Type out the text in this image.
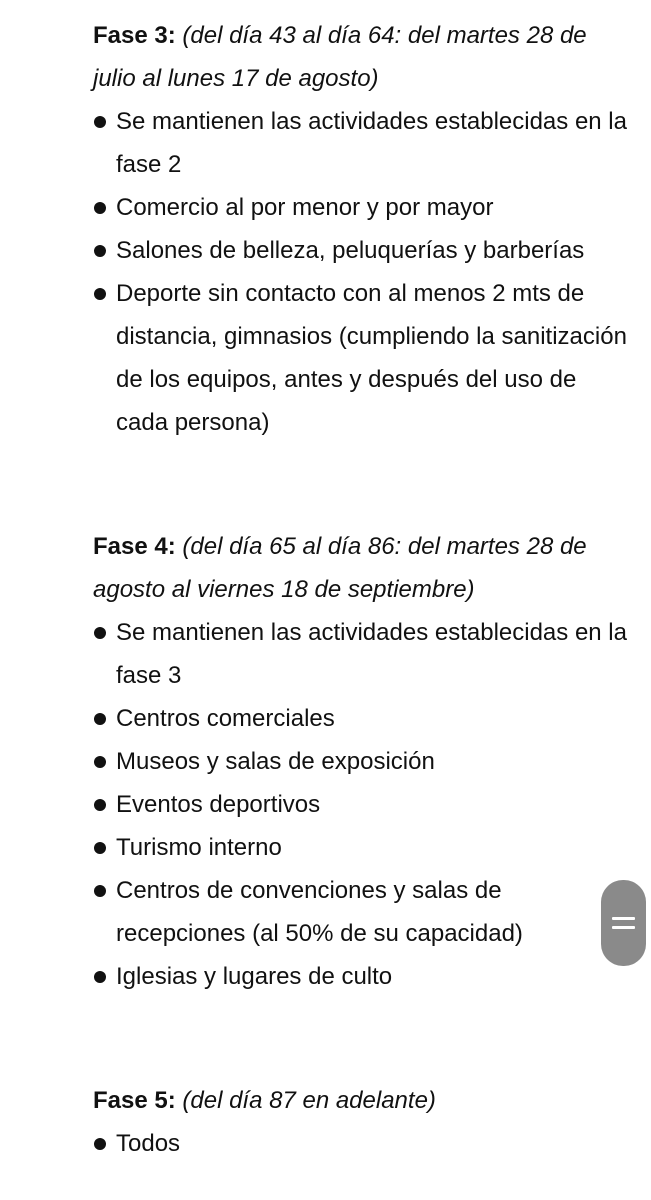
Fase 3: (del día 43 al día 64: del martes 28 de julio al lunes 17 de agosto)

Se mantienen las actividades establecidas en la fase 2
Comercio al por menor y por mayor
Salones de belleza, peluquerías y barberías
Deporte sin contacto con al menos 2 mts de distancia, gimnasios (cumpliendo la sanitización de los equipos, antes y después del uso de cada persona)

Fase 4: (del día 65 al día 86: del martes 28 de agosto al viernes 18 de septiembre)

Se mantienen las actividades establecidas en la fase 3
Centros comerciales
Museos y salas de exposición
Eventos deportivos
Turismo interno
Centros de convenciones y salas de recepciones (al 50% de su capacidad)
Iglesias y lugares de culto

Fase 5: (del día 87 en adelante)

Todos
